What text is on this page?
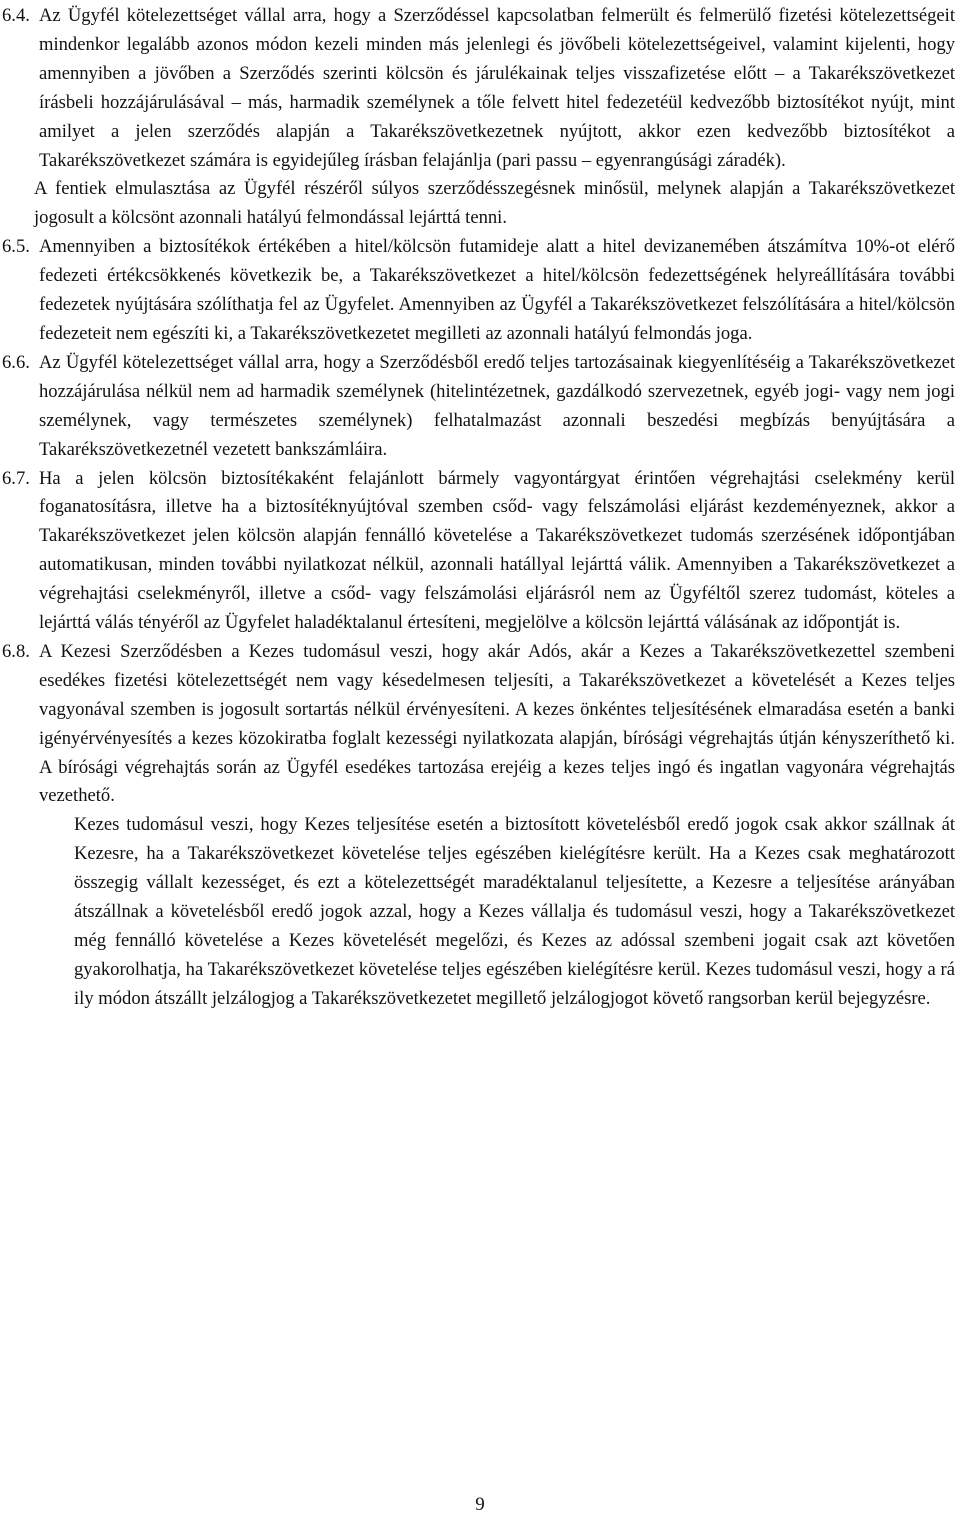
6.4. Az Ügyfél kötelezettséget vállal arra, hogy a Szerződéssel kapcsolatban felmerült és felmerülő fizetési kötelezettségeit mindenkor legalább azonos módon kezeli minden más jelenlegi és jövőbeli kötelezettségeivel, valamint kijelenti, hogy amennyiben a jövőben a Szerződés szerinti kölcsön és járulékainak teljes visszafizetése előtt – a Takarékszövetkezet írásbeli hozzájárulásával – más, harmadik személynek a tőle felvett hitel fedezetéül kedvezőbb biztosítékot nyújt, mint amilyet a jelen szerződés alapján a Takarékszövetkezetnek nyújtott, akkor ezen kedvezőbb biztosítékot a Takarékszövetkezet számára is egyidejűleg írásban felajánlja (pari passu – egyenrangúsági záradék).

A fentiek elmulasztása az Ügyfél részéről súlyos szerződésszegésnek minősül, melynek alapján a Takarékszövetkezet jogosult a kölcsönt azonnali hatályú felmondással lejárttá tenni.

6.5. Amennyiben a biztosítékok értékében a hitel/kölcsön futamideje alatt a hitel devizanemében átszámítva 10%-ot elérő fedezeti értékcsökkenés következik be, a Takarékszövetkezet a hitel/kölcsön fedezettségének helyreállítására további fedezetek nyújtására szólíthatja fel az Ügyfelet. Amennyiben az Ügyfél a Takarékszövetkezet felszólítására a hitel/kölcsön fedezeteit nem egészíti ki, a Takarékszövetkezetet megilleti az azonnali hatályú felmondás joga.

6.6. Az Ügyfél kötelezettséget vállal arra, hogy a Szerződésből eredő teljes tartozásainak kiegyenlítéséig a Takarékszövetkezet hozzájárulása nélkül nem ad harmadik személynek (hitelintézetnek, gazdálkodó szervezetnek, egyéb jogi- vagy nem jogi személynek, vagy természetes személynek) felhatalmazást azonnali beszedési megbízás benyújtására a Takarékszövetkezetnél vezetett bankszámláira.

6.7. Ha a jelen kölcsön biztosítékaként felajánlott bármely vagyontárgyat érintően végrehajtási cselekmény kerül foganatosításra, illetve ha a biztosítéknyújtóval szemben csőd- vagy felszámolási eljárást kezdeményeznek, akkor a Takarékszövetkezet jelen kölcsön alapján fennálló követelése a Takarékszövetkezet tudomás szerzésének időpontjában automatikusan, minden további nyilatkozat nélkül, azonnali hatállyal lejárttá válik. Amennyiben a Takarékszövetkezet a végrehajtási cselekményről, illetve a csőd- vagy felszámolási eljárásról nem az Ügyféltől szerez tudomást, köteles a lejárttá válás tényéről az Ügyfelet haladéktalanul értesíteni, megjelölve a kölcsön lejárttá válásának az időpontját is.

6.8. A Kezesi Szerződésben a Kezes tudomásul veszi, hogy akár Adós, akár a Kezes a Takarékszövetkezettel szembeni esedékes fizetési kötelezettségét nem vagy késedelmesen teljesíti, a Takarékszövetkezet a követelését a Kezes teljes vagyonával szemben is jogosult sortartás nélkül érvényesíteni. A kezes önkéntes teljesítésének elmaradása esetén a banki igényérvényesítés a kezes közokiratba foglalt kezességi nyilatkozata alapján, bírósági végrehajtás útján kényszeríthető ki. A bírósági végrehajtás során az Ügyfél esedékes tartozása erejéig a kezes teljes ingó és ingatlan vagyonára végrehajtás vezethető.

Kezes tudomásul veszi, hogy Kezes teljesítése esetén a biztosított követelésből eredő jogok csak akkor szállnak át Kezesre, ha a Takarékszövetkezet követelése teljes egészében kielégítésre került. Ha a Kezes csak meghatározott összegig vállalt kezességet, és ezt a kötelezettségét maradéktalanul teljesítette, a Kezesre a teljesítése arányában átszállnak a követelésből eredő jogok azzal, hogy a Kezes vállalja és tudomásul veszi, hogy a Takarékszövetkezet még fennálló követelése a Kezes követelését megelőzi, és Kezes az adóssal szembeni jogait csak azt követően gyakorolhatja, ha Takarékszövetkezet követelése teljes egészében kielégítésre kerül. Kezes tudomásul veszi, hogy a rá ily módon átszállt jelzálogjog a Takarékszövetkezetet megillető jelzálogjogot követő rangsorban kerül bejegyzésre.

9
